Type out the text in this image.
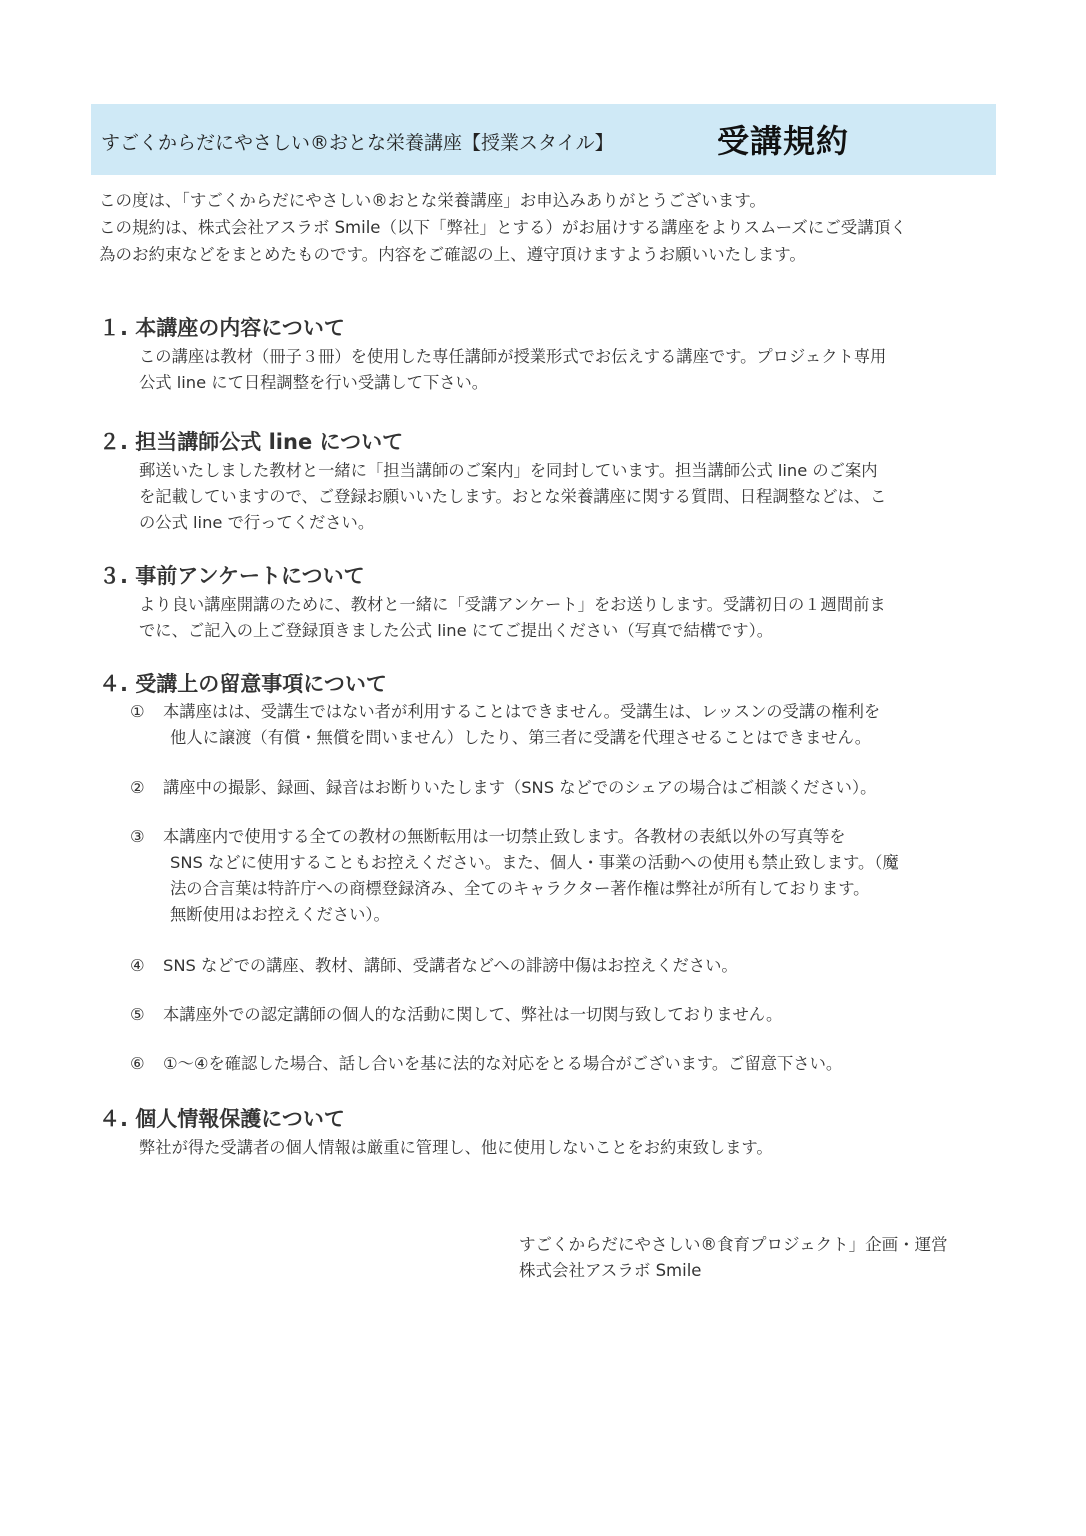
すごくからだにやさしい®おとな栄養講座【授業スタイル】	受講規約

この度は、「すごくからだにやさしい®おとな栄養講座」お申込みありがとうございます。

この規約は、株式会社アスラボ Smile（以下「弊社」とする）がお届けする講座をよりスムーズにご受講頂く

為のお約束などをまとめたものです。内容をご確認の上、遵守頂けますようお願いいたします。

１. 本講座の内容について

この講座は教材（冊子３冊）を使用した専任講師が授業形式でお伝えする講座です。プロジェクト専用

公式 line にて日程調整を行い受講して下さい。

２. 担当講師公式 line について

郵送いたしました教材と一緒に「担当講師のご案内」を同封しています。担当講師公式 line のご案内

を記載していますので、ご登録お願いいたします。おとな栄養講座に関する質問、日程調整などは、こ

の公式 line で行ってください。

３. 事前アンケートについて

より良い講座開講のために、教材と一緒に「受講アンケート」をお送りします。受講初日の１週間前ま

でに、ご記入の上ご登録頂きました公式 line にてご提出ください（写真で結構です）。

４. 受講上の留意事項について
①	本講座はは、受講生ではない者が利用することはできません。受講生は、レッスンの受講の権利を
他人に譲渡（有償・無償を問いません）したり、第三者に受講を代理させることはできません。
②	講座中の撮影、録画、録音はお断りいたします（SNS などでのシェアの場合はご相談ください）。
③	本講座内で使用する全ての教材の無断転用は一切禁止致します。各教材の表紙以外の写真等を
SNS などに使用することもお控えください。また、個人・事業の活動への使用も禁止致します。（魔
法の合言葉は特許庁への商標登録済み、全てのキャラクター著作権は弊社が所有しております。
無断使用はお控えください）。
④	SNS などでの講座、教材、講師、受講者などへの誹謗中傷はお控えください。
⑤	本講座外での認定講師の個人的な活動に関して、弊社は一切関与致しておりません。
⑥	①～④を確認した場合、話し合いを基に法的な対応をとる場合がございます。ご留意下さい。
４. 個人情報保護について

弊社が得た受講者の個人情報は厳重に管理し、他に使用しないことをお約束致します。

すごくからだにやさしい®食育プロジェクト」企画・運営

株式会社アスラボ Smile
